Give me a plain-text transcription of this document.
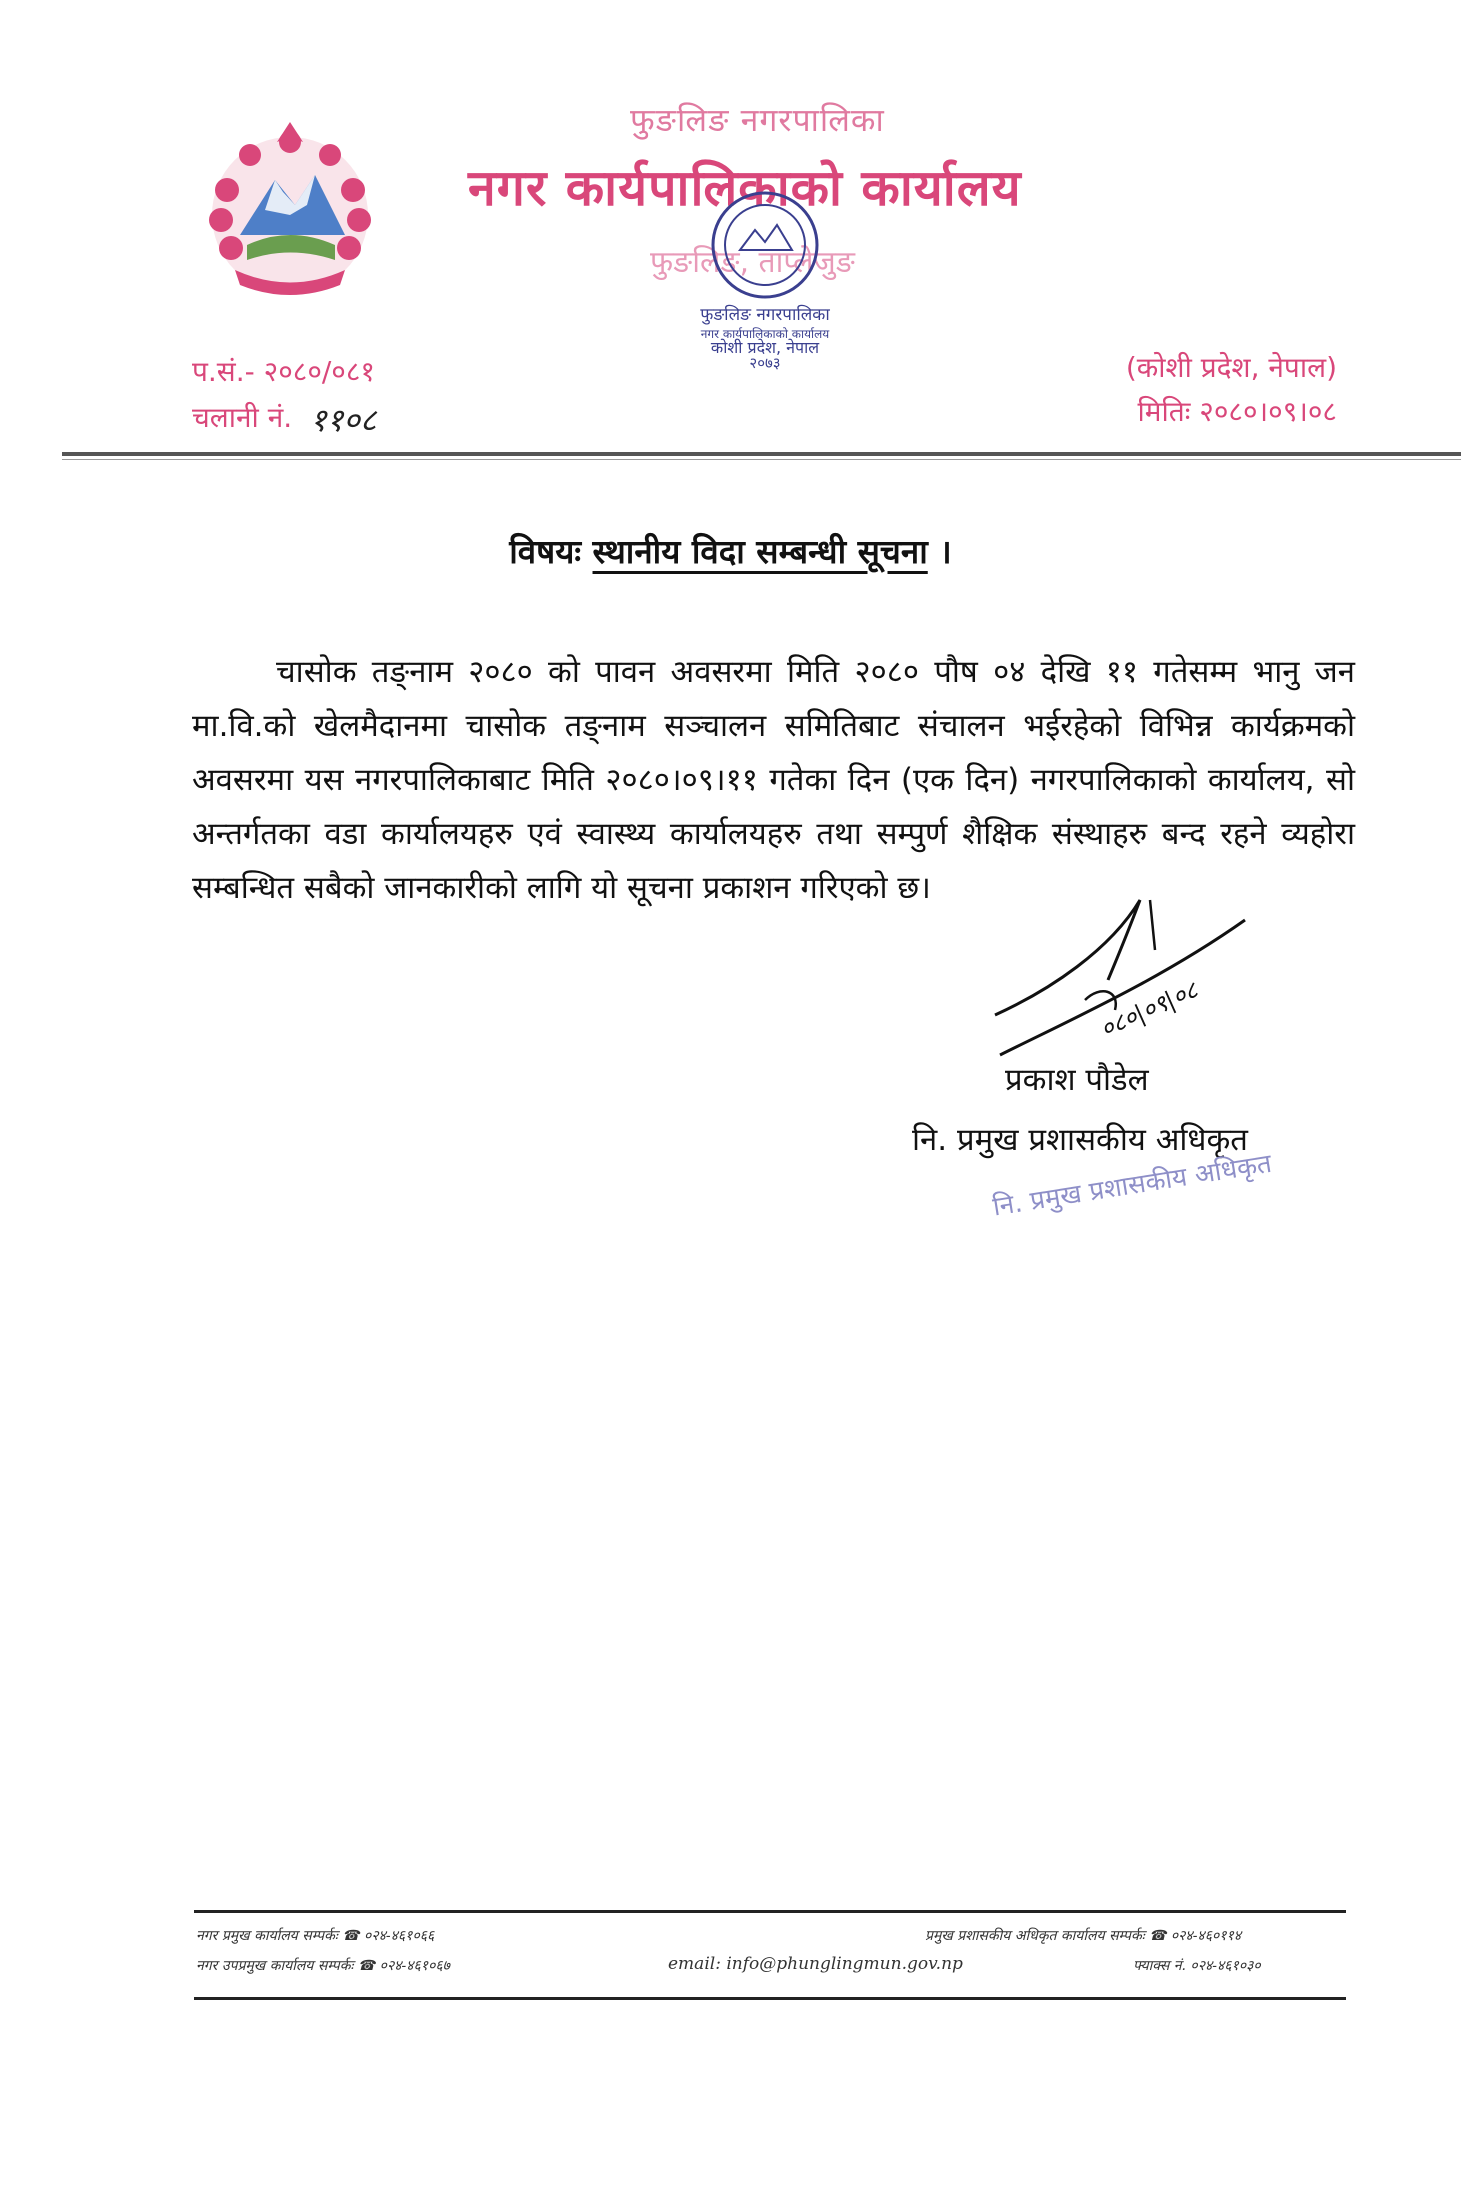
फुङलिङ नगरपालिका
नगर कार्यपालिकाको कार्यालय
फुङलिङ, ताप्लेजुङ
फुङलिङ नगरपालिका
नगर कार्यपालिकाको कार्यालय
कोशी प्रदेश, नेपाल
२०७३
प.सं.- २०८०/०८१
चलानी नं. ११०८
(कोशी प्रदेश, नेपाल)
मितिः २०८०।०९।०८
विषयः स्थानीय विदा सम्बन्धी सूचना ।
चासोक तङ्नाम २०८० को पावन अवसरमा मिति २०८० पौष ०४ देखि ११ गतेसम्म भानु जन मा.वि.को खेलमैदानमा चासोक तङ्नाम सञ्चालन समितिबाट संचालन भईरहेको विभिन्न कार्यक्रमको अवसरमा यस नगरपालिकाबाट मिति २०८०।०९।११ गतेका दिन (एक दिन) नगरपालिकाको कार्यालय, सो अन्तर्गतका वडा कार्यालयहरु एवं स्वास्थ्य कार्यालयहरु तथा सम्पुर्ण शैक्षिक संस्थाहरु बन्द रहने व्यहोरा सम्बन्धित सबैको जानकारीको लागि यो सूचना प्रकाशन गरिएको छ।
०८०|०९|०८
प्रकाश पौडेल
नि. प्रमुख प्रशासकीय अधिकृत
नि. प्रमुख प्रशासकीय अधिकृत
नगर प्रमुख कार्यालय सम्पर्कः ☎ ०२४-४६१०६६
नगर उपप्रमुख कार्यालय सम्पर्कः ☎ ०२४-४६१०६७
प्रमुख प्रशासकीय अधिकृत कार्यालय सम्पर्कः ☎ ०२४-४६०११४
फ्याक्स नं. ०२४-४६१०३०
email: info@phunglingmun.gov.np
